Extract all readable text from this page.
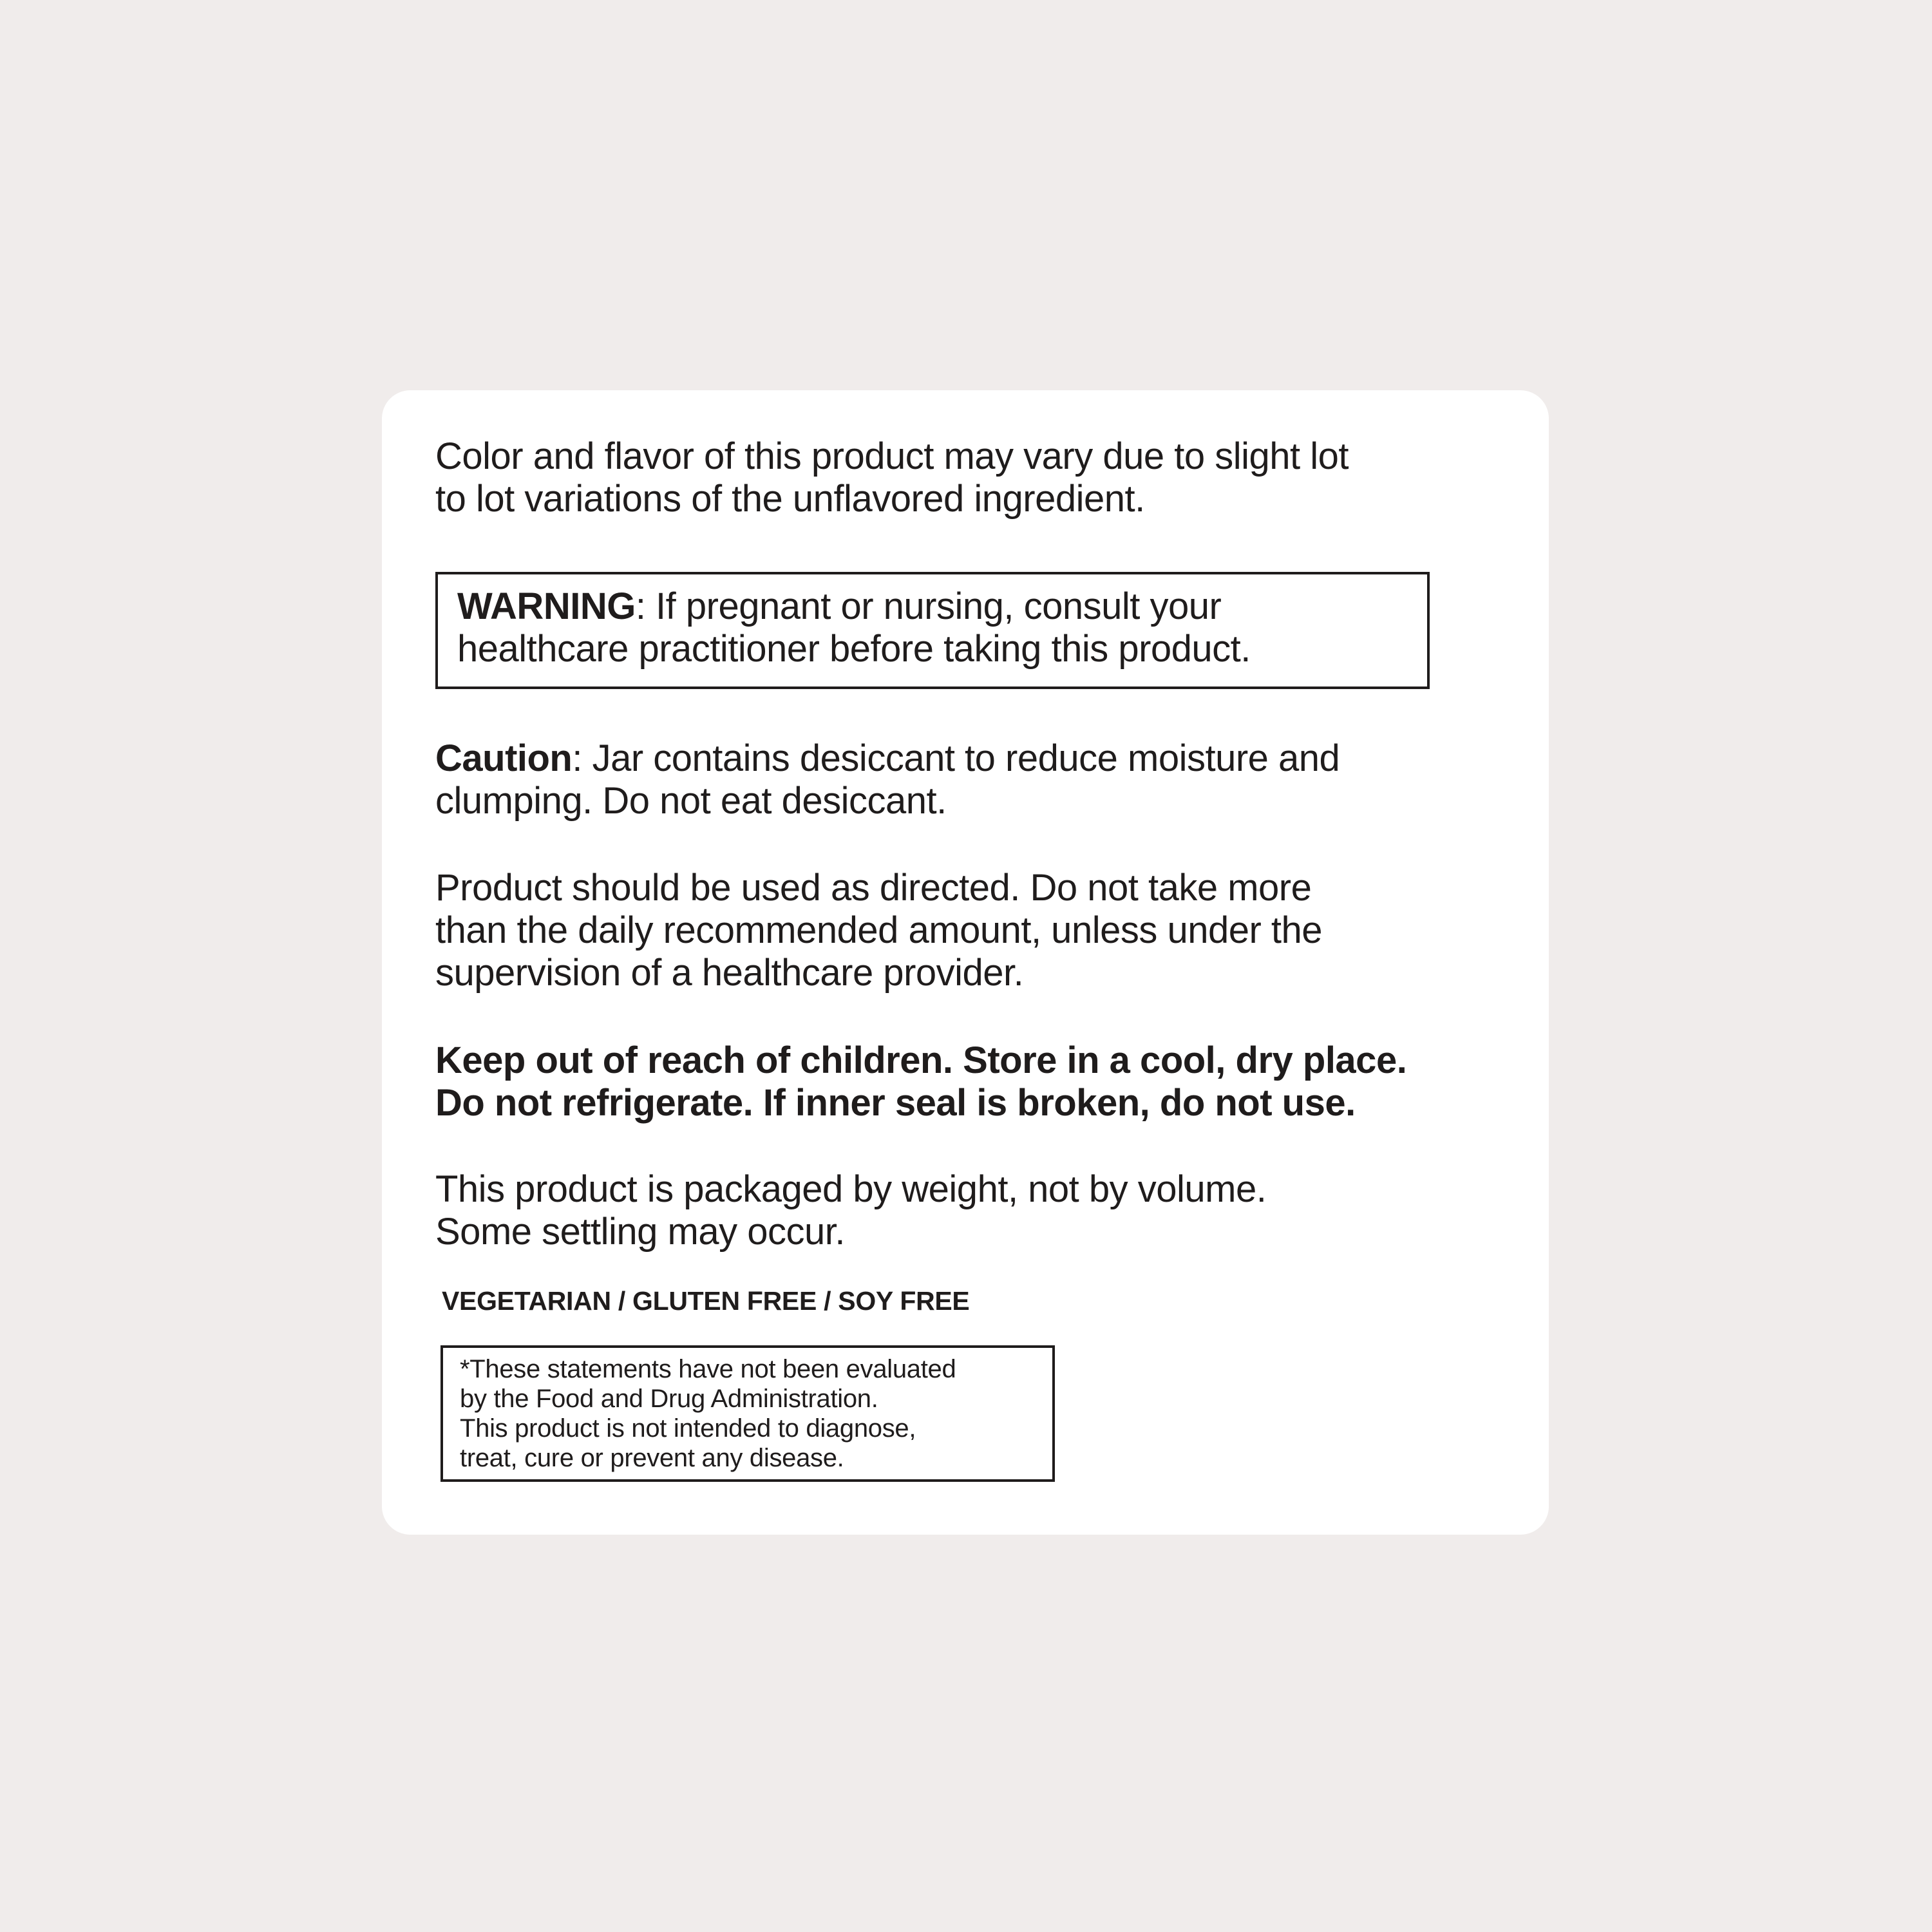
Color and flavor of this product may vary due to slight lot
to lot variations of the unflavored ingredient.

WARNING: If pregnant or nursing, consult your
healthcare practitioner before taking this product.

Caution: Jar contains desiccant to reduce moisture and
clumping. Do not eat desiccant.

Product should be used as directed. Do not take more
than the daily recommended amount, unless under the
supervision of a healthcare provider.

Keep out of reach of children. Store in a cool, dry place.
Do not refrigerate. If inner seal is broken, do not use.

This product is packaged by weight, not by volume.
Some settling may occur.

VEGETARIAN / GLUTEN FREE / SOY FREE

*These statements have not been evaluated
by the Food and Drug Administration.
This product is not intended to diagnose,
treat, cure or prevent any disease.
